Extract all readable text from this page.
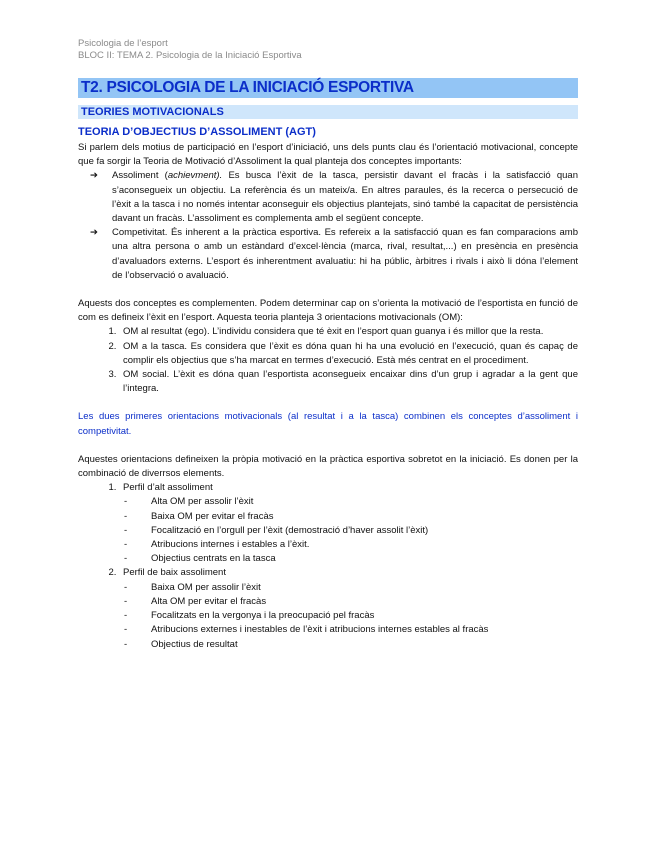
Psicologia de l’esport
BLOC II: TEMA 2. Psicologia de la Iniciació Esportiva
T2. PSICOLOGIA DE LA INICIACIÓ ESPORTIVA
TEORIES MOTIVACIONALS
TEORIA D’OBJECTIUS D’ASSOLIMENT (AGT)

Si parlem dels motius de participació en l’esport d’iniciació, uns dels punts clau és l’orientació motivacional, concepte que fa sorgir la Teoria de Motivació d’Assoliment la qual planteja dos conceptes importants:

➔ Assoliment (achievment). Es busca l’èxit de la tasca, persistir davant el fracàs i la satisfacció quan s’aconsegueix un objectiu. La referència és un mateix/a. En altres paraules, és la recerca o persecució de l’èxit a la tasca i no només intentar aconseguir els objectius plantejats, sinó també la capacitat de persistència davant un fracàs. L’assoliment es complementa amb el següent concepte.
➔ Competivitat. És inherent a la pràctica esportiva. Es refereix a la satisfacció quan es fan comparacions amb una altra persona o amb un estàndard d’excel·lència (marca, rival, resultat,...) en presència en presència d’avaluadors externs. L’esport és inherentment avaluatiu: hi ha públic, àrbitres i rivals i això li dóna l’element de l’observació o avaluació.

Aquests dos conceptes es complementen. Podem determinar cap on s’orienta la motivació de l’esportista en funció de com es defineix l’èxit en l’esport. Aquesta teoria planteja 3 orientacions motivacionals (OM):

1. OM al resultat (ego). L’individu considera que té èxit en l’esport quan guanya i és millor que la resta.
2. OM a la tasca. Es considera que l’èxit es dóna quan hi ha una evolució en l’execució, quan és capaç de complir els objectius que s’ha marcat en termes d’execució. Està més centrat en el procediment.
3. OM social. L’èxit es dóna quan l’esportista aconsegueix encaixar dins d’un grup i agradar a la gent que l’integra.

Les dues primeres orientacions motivacionals (al resultat i a la tasca) combinen els conceptes d’assoliment i competivitat.

Aquestes orientacions defineixen la pròpia motivació en la pràctica esportiva sobretot en la iniciació. Es donen per la combinació de diverrsos elements.

1. Perfil d’alt assoliment
-	Alta OM per assolir l’èxit
-	Baixa OM per evitar el fracàs
-	Focalització en l’orgull per l’èxit (demostració d’haver assolit l’èxit)
-	Atribucions internes i estables a l’èxit.
-	Objectius centrats en la tasca
2. Perfil de baix assoliment
-	Baixa OM per assolir l’èxit
-	Alta OM per evitar el fracàs
-	Focalitzats en la vergonya i la preocupació pel fracàs
-	Atribucions externes i inestables de l’èxit i atribucions internes estables al fracàs
-	Objectius de resultat
